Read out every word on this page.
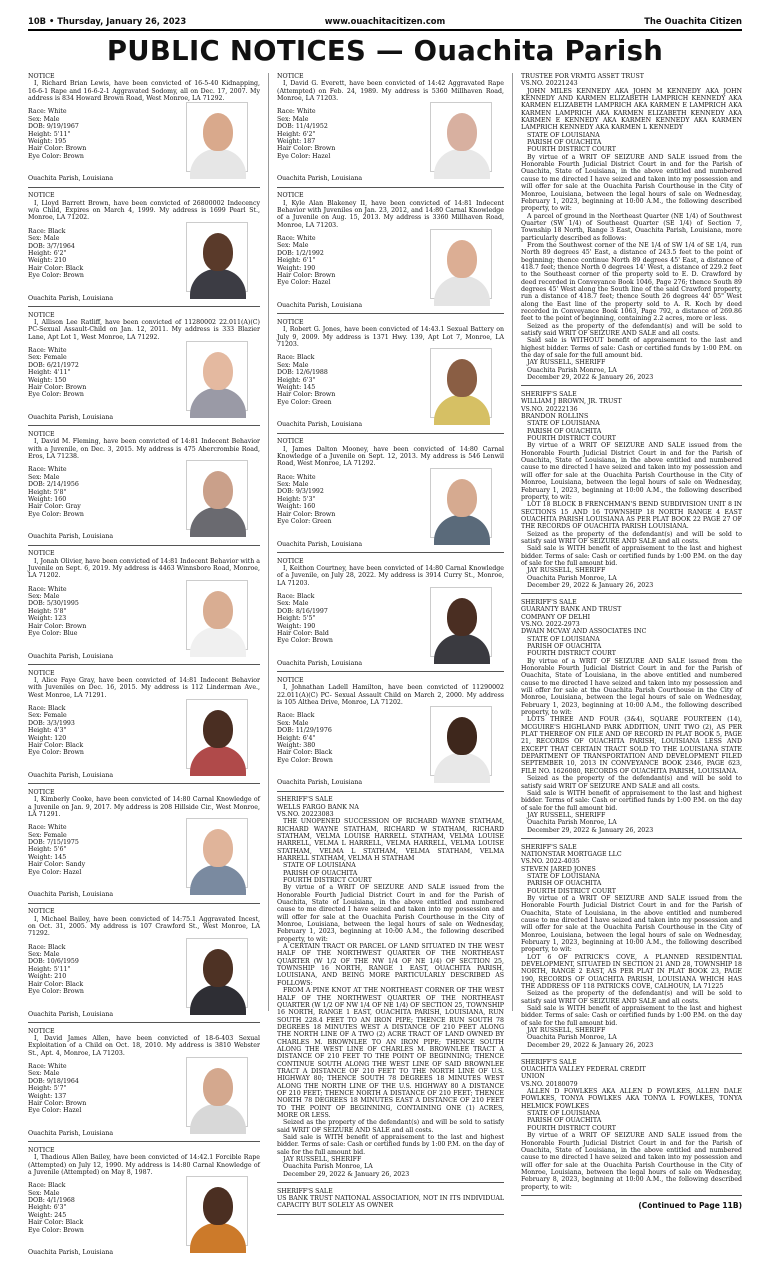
10B • Thursday, January 26, 2023	www.ouachitacitizen.com	The Ouachita Citizen
PUBLIC NOTICES — Ouachita Parish

NOTICE

I, Richard Brian Lewis, have been convicted of 16-5-40 Kidnapping, 16-6-1 Rape and 16-6-2-1 Aggravated Sodomy, all on Dec. 17, 2007. My address is 834 Howard Brown Road, West Monroe, LA 71292.

Race: White
Sex: Male
DOB: 9/19/1967
Height: 5'11"
Weight: 195
Hair Color: Brown
Eye Color: Brown
Ouachita Parish, Louisiana

NOTICE

I, Lloyd Barrett Brown, have been convicted of 26800002 Indecency w/a Child, Expires on March 4, 1999. My address is 1699 Pearl St., Monroe, LA 71202.

Race: Black
Sex: Male
DOB: 3/7/1964
Height: 6'2"
Weight: 210
Hair Color: Black
Eye Color: Brown
Ouachita Parish, Louisiana

NOTICE

I, Allison Lee Ratliff, have been convicted of 11280002 22.011(A)(C) PC-Sexual Assault-Child on Jan. 12, 2011. My address is 333 Blazier Lane, Apt Lot 1, West Monroe, LA 71292.

Race: White
Sex: Female
DOB: 6/21/1972
Height: 4'11"
Weight: 150
Hair Color: Brown
Eye Color: Brown
Ouachita Parish, Louisiana

NOTICE

I, David M. Fleming, have been convicted of 14:81 Indecent Behavior with a Juvenile, on Dec. 3, 2015. My address is 475 Abercrombie Road, Eros, LA 71238.

Race: White
Sex: Male
DOB: 2/14/1956
Height: 5'8"
Weight: 160
Hair Color: Gray
Eye Color: Brown
Ouachita Parish, Louisiana

NOTICE

I, Jonah Olivier, have been convicted of 14:81 Indecent Behavior with a Juvenile on Sept. 6, 2019. My address is 4463 Winnsboro Road, Monroe, LA 71202.

Race: White
Sex: Male
DOB: 5/30/1995
Height: 5'8"
Weight: 123
Hair Color: Brown
Eye Color: Blue
Ouachita Parish, Louisiana

NOTICE

I, Alice Faye Gray, have been convicted of 14:81 Indecent Behavior with Juveniles on Dec. 16, 2015. My address is 112 Linderman Ave., West Monroe, LA 71291.

Race: Black
Sex: Female
DOB: 3/3/1993
Height: 4'3"
Weight: 120
Hair Color: Black
Eye Color: Brown
Ouachita Parish, Louisiana

NOTICE

I, Kimberly Cooke, have been convicted of 14:80 Carnal Knowledge of a Juvenile on Jan. 9, 2017. My address is 208 Hillside Cir., West Monroe, LA 71291.

Race: White
Sex: Female
DOB: 7/15/1975
Height: 5'6"
Weight: 145
Hair Color: Sandy
Eye Color: Hazel
Ouachita Parish, Louisiana

NOTICE

I, Michael Bailey, have been convicted of 14:75.1 Aggravated Incest, on Oct. 31, 2005. My address is 107 Crawford St., West Monroe, LA 71292.

Race: Black
Sex: Male
DOB: 10/6/1959
Height: 5'11"
Weight: 210
Hair Color: Black
Eye Color: Brown
Ouachita Parish, Louisiana

NOTICE

I, David James Allen, have been convicted of 18-6-403 Sexual Exploitation of a Child on Oct. 18, 2010. My address is 3810 Webster St., Apt. 4, Monroe, LA 71203.

Race: White
Sex: Male
DOB: 9/18/1964
Height: 5'7"
Weight: 137
Hair Color: Brown
Eye Color: Hazel
Ouachita Parish, Louisiana

NOTICE

I, Thadious Allen Bailey, have been convicted of 14:42.1 Forcible Rape (Attempted) on July 12, 1990. My address is 14:80 Carnal Knowledge of a Juvenile (Attempted) on May 8, 1987.

Race: Black
Sex: Male
DOB: 4/1/1968
Height: 6'3"
Weight: 245
Hair Color: Black
Eye Color: Brown
Ouachita Parish, Louisiana

NOTICE

I, David G. Everett, have been convicted of 14:42 Aggravated Rape (Attempted) on Feb. 24, 1989. My address is 5360 Millhaven Road, Monroe, LA 71203.

Race: White
Sex: Male
DOB: 11/4/1952
Height: 6'2"
Weight: 187
Hair Color: Brown
Eye Color: Hazel
Ouachita Parish, Louisiana

NOTICE

I, Kyle Alan Blakeney II, have been convicted of 14:81 Indecent Behavior with Juveniles on Jan. 23, 2012, and 14:80 Carnal Knowledge of a Juvenile on Aug. 15, 2013. My address is 3360 Millhaven Road, Monroe, LA 71203.

Race: White
Sex: Male
DOB: 1/2/1992
Height: 6'1"
Weight: 190
Hair Color: Brown
Eye Color: Hazel
Ouachita Parish, Louisiana

NOTICE

I, Robert G. Jones, have been convicted of 14:43.1 Sexual Battery on July 9, 2009. My address is 1371 Hwy. 139, Apt Lot 7, Monroe, LA 71203.

Race: Black
Sex: Male
DOB: 12/6/1988
Height: 6'3"
Weight: 145
Hair Color: Brown
Eye Color: Green
Ouachita Parish, Louisiana

NOTICE

I, James Dalton Mooney, have been convicted of 14:80 Carnal Knowledge of a Juvenile on Sept. 12, 2013. My address is 546 Lenwil Road, West Monroe, LA 71292.

Race: White
Sex: Male
DOB: 9/3/1992
Height: 5'3"
Weight: 160
Hair Color: Brown
Eye Color: Green
Ouachita Parish, Louisiana

NOTICE

I, Keithon Courtney, have been convicted of 14:80 Carnal Knowledge of a Juvenile, on July 28, 2022. My address is 3914 Curry St., Monroe, LA 71203.

Race: Black
Sex: Male
DOB: 8/16/1997
Height: 5'5"
Weight: 190
Hair Color: Bald
Eye Color: Brown
Ouachita Parish, Louisiana

NOTICE

I, Johnathan Ladell Hamilton, have been convicted of 11290002 22.011(A)(C) PC- Sexual Assault Child on March 2, 2000. My address is 105 Althea Drive, Monroe, LA 71202.

Race: Black
Sex: Male
DOB: 11/29/1976
Height: 6'4"
Weight: 380
Hair Color: Black
Eye Color: Brown
Ouachita Parish, Louisiana

SHERIFF'S SALE

WELLS FARGO BANK NA

VS.NO. 20223083

THE UNOPENED SUCCESSION OF RICHARD WAYNE STATHAM, RICHARD WAYNE STATHAM, RICHARD W STATHAM, RICHARD STATHAM, VELMA LOUISE HARRELL STATHAM, VELMA LOUISE HARRELL, VELMA L HARRELL, VELMA HARRELL, VELMA LOUISE STATHAM, VELMA L STATHAM, VELMA STATHAM, VELMA HARRELL STATHAM, VELMA H STATHAM

STATE OF LOUISIANA

PARISH OF OUACHITA

FOURTH DISTRICT COURT

By virtue of a WRIT OF SEIZURE AND SALE issued from the Honorable Fourth Judicial District Court in and for the Parish of Ouachita, State of Louisiana, in the above entitled and numbered cause to me directed I have seized and taken into my possession and will offer for sale at the Ouachita Parish Courthouse in the City of Monroe, Louisiana, between the legal hours of sale on Wednesday, February 1, 2023, beginning at 10:00 A.M., the following described property, to wit:

A CERTAIN TRACT OR PARCEL OF LAND SITUATED IN THE WEST HALF OF THE NORTHWEST QUARTER OF THE NORTHEAST QUARTER (W 1/2 OF THE NW 1/4 OF NE 1/4) OF SECTION 25, TOWNSHIP 16 NORTH, RANGE 1 EAST, OUACHITA PARISH, LOUISIANA, AND BEING MORE PARTICULARLY DESCRIBED AS FOLLOWS:

FROM A PINE KNOT AT THE NORTHEAST CORNER OF THE WEST HALF OF THE NORTHWEST QUARTER OF THE NORTHEAST QUARTER (W 1/2 OF NW 1/4 OF NE 1/4) OF SECTION 25, TOWNSHIP 16 NORTH, RANGE 1 EAST, OUACHITA PARISH, LOUISIANA, RUN SOUTH 228.4 FEET TO AN IRON PIPE; THENCE RUN SOUTH 78 DEGREES 18 MINUTES WEST A DISTANCE OF 210 FEET ALONG THE NORTH LINE OF A TWO (2) ACRE TRACT OF LAND OWNED BY CHARLES M. BROWNLEE TO AN IRON PIPE; THENCE SOUTH ALONG THE WEST LINE OF CHARLES M. BROWNLEE TRACT A DISTANCE OF 210 FEET TO THE POINT OF BEGINNING; THENCE CONTINUE SOUTH ALONG THE WEST LINE OF SAID BROWNLEE TRACT A DISTANCE OF 210 FEET TO THE NORTH LINE OF U.S. HIGHWAY 80; THENCE SOUTH 78 DEGREES 18 MINUTES WEST ALONG THE NORTH LINE OF THE U.S. HIGHWAY 80 A DISTANCE OF 210 FEET; THENCE NORTH A DISTANCE OF 210 FEET; THENCE NORTH 78 DEGREES 18 MINUTES EAST A DISTANCE OF 210 FEET TO THE POINT OF BEGINNING, CONTAINING ONE (1) ACRES, MORE OR LESS.

Seized as the property of the defendant(s) and will be sold to satisfy said WRIT OF SEIZURE AND SALE and all costs.

Said sale is WITH benefit of appraisement to the last and highest bidder. Terms of sale: Cash or certified funds by 1:00 P.M. on the day of sale for the full amount bid.

JAY RUSSELL, SHERIFF

Ouachita Parish Monroe, LA

December 29, 2022 & January 26, 2023

SHERIFF'S SALE

US BANK TRUST NATIONAL ASSOCIATION, NOT IN ITS INDIVIDUAL CAPACITY BUT SOLELY AS OWNER

TRUSTEE FOR VRMTG ASSET TRUST

VS.NO. 20221243

JOHN MILES KENNEDY AKA JOHN M KENNEDY AKA JOHN KENNEDY AND KARMEN ELIZABETH LAMPRICH KENNEDY AKA KARMEN ELIZABETH LAMPRICH AKA KARMEN E LAMPRICH AKA KARMEN LAMPRICH AKA KARMEN ELIZABETH KENNEDY AKA KARMEN E KENNEDY AKA KARMEN KENNEDY AKA KARMEN LAMPRICH KENNEDY AKA KARMEN L KENNEDY

STATE OF LOUISIANA

PARISH OF OUACHITA

FOURTH DISTRICT COURT

By virtue of a WRIT OF SEIZURE AND SALE issued from the Honorable Fourth Judicial District Court in and for the Parish of Ouachita, State of Louisiana, in the above entitled and numbered cause to me directed I have seized and taken into my possession and will offer for sale at the Ouachita Parish Courthouse in the City of Monroe, Louisiana, between the legal hours of sale on Wednesday, February 1, 2023, beginning at 10:00 A.M., the following described property, to wit:

A parcel of ground in the Northeast Quarter (NE 1/4) of Southwest Quarter (SW 1/4) of Southeast Quarter (SE 1/4) of Section 7, Township 18 North, Range 3 East, Ouachita Parish, Louisiana, more particularly described as follows:

From the Southwest corner of the NE 1/4 of SW 1/4 of SE 1/4, run North 89 degrees 45' East, a distance of 243.5 feet to the point of beginning; thence continue North 89 degrees 45' East, a distance of 418.7 feet; thence North 0 degrees 14' West, a distance of 229.2 feet to the Southeast corner of the property sold to E. D. Crawford by deed recorded in Conveyance Book 1046, Page 276; thence South 89 degrees 45' West along the South line of the said Crawford property, run a distance of 418.7 feet; thence South 26 degrees 44' 05" West along the East line of the property sold to A. R. Koch by deed recorded in Conveyance Book 1063, Page 792, a distance of 269.86 feet to the point of beginning, containing 2.2 acres, more or less.

Seized as the property of the defendant(s) and will be sold to satisfy said WRIT OF SEIZURE AND SALE and all costs.

Said sale is WITHOUT benefit of appraisement to the last and highest bidder. Terms of sale: Cash or certified funds by 1:00 P.M. on the day of sale for the full amount bid.

JAY RUSSELL, SHERIFF

Ouachita Parish Monroe, LA

December 29, 2022 & January 26, 2023

SHERIFF'S SALE

WILLIAM J BROWN, JR. TRUST

VS.NO. 20222136

BRANDON ROLLINS

STATE OF LOUISIANA

PARISH OF OUACHITA

FOURTH DISTRICT COURT

By virtue of a WRIT OF SEIZURE AND SALE issued from the Honorable Fourth Judicial District Court in and for the Parish of Ouachita, State of Louisiana, in the above entitled and numbered cause to me directed I have seized and taken into my possession and will offer for sale at the Ouachita Parish Courthouse in the City of Monroe, Louisiana, between the legal hours of sale on Wednesday, February 1, 2023, beginning at 10:00 A.M., the following described property, to wit:

LOT 18 BLOCK B FRENCHMAN'S BEND SUBDIVISION UNIT 8 IN SECTIONS 15 AND 16 TOWNSHIP 18 NORTH RANGE 4 EAST OUACHITA PARISH LOUISIANA AS PER PLAT BOOK 22 PAGE 27 OF THE RECORDS OF OUACHITA PARISH LOUISIANA.

Seized as the property of the defendant(s) and will be sold to satisfy said WRIT OF SEIZURE AND SALE and all costs.

Said sale is WITH benefit of appraisement to the last and highest bidder. Terms of sale: Cash or certified funds by 1:00 P.M. on the day of sale for the full amount bid.

JAY RUSSELL, SHERIFF

Ouachita Parish Monroe, LA

December 29, 2022 & January 26, 2023

SHERIFF'S SALE

GUARANTY BANK AND TRUST

COMPANY OF DELHI

VS.NO. 2022-2973

DWAIN MCVAY AND ASSOCIATES INC

STATE OF LOUISIANA

PARISH OF OUACHITA

FOURTH DISTRICT COURT

By virtue of a WRIT OF SEIZURE AND SALE issued from the Honorable Fourth Judicial District Court in and for the Parish of Ouachita, State of Louisiana, in the above entitled and numbered cause to me directed I have seized and taken into my possession and will offer for sale at the Ouachita Parish Courthouse in the City of Monroe, Louisiana, between the legal hours of sale on Wednesday, February 1, 2023, beginning at 10:00 A.M., the following described property, to wit:

LOTS THREE AND FOUR (3&4), SQUARE FOURTEEN (14), MCGUIRE'S HIGHLAND PARK ADDITION, UNIT TWO (2), AS PER PLAT THEREOF ON FILE AND OF RECORD IN PLAT BOOK 5, PAGE 21, RECORDS OF OUACHITA PARISH, LOUISIANA LESS AND EXCEPT THAT CERTAIN TRACT SOLD TO THE LOUISIANA STATE DEPARTMENT OF TRANSPORTATION AND DEVELOPMENT FILED SEPTEMBER 10, 2013 IN CONVEYANCE BOOK 2346, PAGE 623, FILE NO. 1626080, RECORDS OF OUACHITA PARISH, LOUISIANA.

Seized as the property of the defendant(s) and will be sold to satisfy said WRIT OF SEIZURE AND SALE and all costs.

Said sale is WITH benefit of appraisement to the last and highest bidder. Terms of sale: Cash or certified funds by 1:00 P.M. on the day of sale for the full amount bid.

JAY RUSSELL, SHERIFF

Ouachita Parish Monroe, LA

December 29, 2022 & January 26, 2023

SHERIFF'S SALE

NATIONSTAR MORTGAGE LLC

VS.NO. 2022-4035

STEVEN JARED JONES

STATE OF LOUISIANA

PARISH OF OUACHITA

FOURTH DISTRICT COURT

By virtue of a WRIT OF SEIZURE AND SALE issued from the Honorable Fourth Judicial District Court in and for the Parish of Ouachita, State of Louisiana, in the above entitled and numbered cause to me directed I have seized and taken into my possession and will offer for sale at the Ouachita Parish Courthouse in the City of Monroe, Louisiana, between the legal hours of sale on Wednesday, February 1, 2023, beginning at 10:00 A.M., the following described property, to wit:

LOT 6 OF PATRICK'S COVE, A PLANNED RESIDENTIAL DEVELOPMENT, SITUATED IN SECTION 21 AND 28, TOWNSHIP 18 NORTH, RANGE 2 EAST, AS PER PLAT IN PLAT BOOK 23, PAGE 190, RECORDS OF OUACHITA PARISH, LOUISIANA WHICH HAS THE ADDRESS OF 118 PATRICKS COVE, CALHOUN, LA 71225

Seized as the property of the defendant(s) and will be sold to satisfy said WRIT OF SEIZURE AND SALE and all costs.

Said sale is WITH benefit of appraisement to the last and highest bidder. Terms of sale: Cash or certified funds by 1:00 P.M. on the day of sale for the full amount bid.

JAY RUSSELL, SHERIFF

Ouachita Parish Monroe, LA

December 29, 2022 & January 26, 2023

SHERIFF'S SALE

OUACHITA VALLEY FEDERAL CREDIT

UNION

VS.NO. 20180079

ALLEN D FOWLKES AKA ALLEN D FOWLKES, ALLEN DALE FOWLKES, TONYA FOWLKES AKA TONYA L FOWLKES, TONYA HELMICK FOWLKES

STATE OF LOUISIANA

PARISH OF OUACHITA

FOURTH DISTRICT COURT

By virtue of a WRIT OF SEIZURE AND SALE issued from the Honorable Fourth Judicial District Court in and for the Parish of Ouachita, State of Louisiana, in the above entitled and numbered cause to me directed I have seized and taken into my possession and will offer for sale at the Ouachita Parish Courthouse in the City of Monroe, Louisiana, between the legal hours of sale on Wednesday, February 8, 2023, beginning at 10:00 A.M., the following described property, to wit:

(Continued to Page 11B)
